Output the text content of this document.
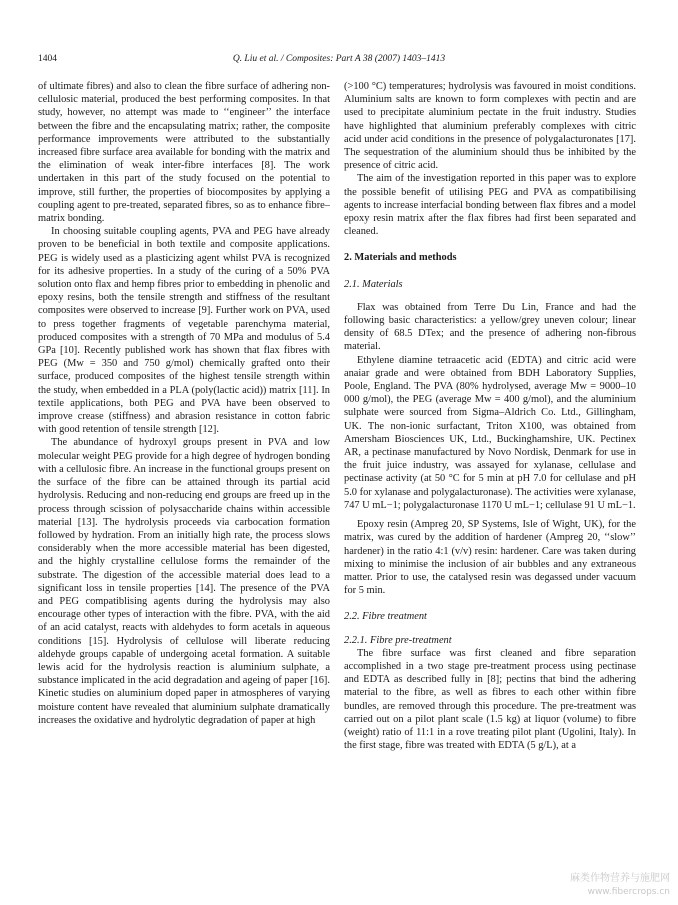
1404	Q. Liu et al. / Composites: Part A 38 (2007) 1403–1413

of ultimate fibres) and also to clean the fibre surface of adhering non-cellulosic material, produced the best performing composites. In that study, however, no attempt was made to ‘‘engineer’’ the interface between the fibre and the encapsulating matrix; rather, the composite performance improvements were attributed to the substantially increased fibre surface area available for bonding with the matrix and the elimination of weak inter-fibre interfaces [8]. The work undertaken in this part of the study focused on the potential to improve, still further, the properties of biocomposites by applying a coupling agent to pre-treated, separated fibres, so as to enhance fibre–matrix bonding.

In choosing suitable coupling agents, PVA and PEG have already proven to be beneficial in both textile and composite applications. PEG is widely used as a plasticizing agent whilst PVA is recognized for its adhesive properties. In a study of the curing of a 50% PVA solution onto flax and hemp fibres prior to embedding in phenolic and epoxy resins, both the tensile strength and stiffness of the resultant composites were observed to increase [9]. Further work on PVA, used to press together fragments of vegetable parenchyma material, produced composites with a strength of 70 MPa and modulus of 5.4 GPa [10]. Recently published work has shown that flax fibres with PEG (Mw = 350 and 750 g/mol) chemically grafted onto their surface, produced composites of the highest tensile strength within the study, when embedded in a PLA (poly(lactic acid)) matrix [11]. In textile applications, both PEG and PVA have been observed to improve crease (stiffness) and abrasion resistance in cotton fabric with good retention of tensile strength [12].

The abundance of hydroxyl groups present in PVA and low molecular weight PEG provide for a high degree of hydrogen bonding with a cellulosic fibre. An increase in the functional groups present on the surface of the fibre can be attained through its partial acid hydrolysis. Reducing and non-reducing end groups are freed up in the process through scission of polysaccharide chains within accessible material [13]. The hydrolysis proceeds via carbocation formation followed by hydration. From an initially high rate, the process slows considerably when the more accessible material has been digested, and the highly crystalline cellulose forms the remainder of the substrate. The digestion of the accessible material does lead to a significant loss in tensile properties [14]. The presence of the PVA and PEG compatiblising agents during the hydrolysis may also encourage other types of interaction with the fibre. PVA, with the aid of an acid catalyst, reacts with aldehydes to form acetals in aqueous conditions [15]. Hydrolysis of cellulose will liberate reducing aldehyde groups capable of undergoing acetal formation. A suitable lewis acid for the hydrolysis reaction is aluminium sulphate, a substance implicated in the acid degradation and ageing of paper [16]. Kinetic studies on aluminium doped paper in atmospheres of varying moisture content have revealed that aluminium sulphate dramatically increases the oxidative and hydrolytic degradation of paper at high

(>100 °C) temperatures; hydrolysis was favoured in moist conditions. Aluminium salts are known to form complexes with pectin and are used to precipitate aluminium pectate in the fruit industry. Studies have highlighted that aluminium preferably complexes with citric acid under acid conditions in the presence of polygalacturonates [17]. The sequestration of the aluminium should thus be inhibited by the presence of citric acid.

The aim of the investigation reported in this paper was to explore the possible benefit of utilising PEG and PVA as compatibilising agents to increase interfacial bonding between flax fibres and a model epoxy resin matrix after the flax fibres had first been separated and cleaned.

2. Materials and methods
2.1. Materials

Flax was obtained from Terre Du Lin, France and had the following basic characteristics: a yellow/grey uneven colour; linear density of 68.5 DTex; and the presence of adhering non-fibrous material.

Ethylene diamine tetraacetic acid (EDTA) and citric acid were anaiar grade and were obtained from BDH Laboratory Supplies, Poole, England. The PVA (80% hydrolysed, average Mw = 9000–10 000 g/mol), the PEG (average Mw = 400 g/mol), and the aluminium sulphate were sourced from Sigma–Aldrich Co. Ltd., Gillingham, UK. The non-ionic surfactant, Triton X100, was obtained from Amersham Biosciences UK, Ltd., Buckinghamshire, UK. Pectinex AR, a pectinase manufactured by Novo Nordisk, Denmark for use in the fruit juice industry, was assayed for xylanase, cellulase and pectinase activity (at 50 °C for 5 min at pH 7.0 for cellulase and pH 5.0 for xylanase and polygalacturonase). The activities were xylanase, 747 U mL−1; polygalacturonase 1170 U mL−1; cellulase 91 U mL−1.

Epoxy resin (Ampreg 20, SP Systems, Isle of Wight, UK), for the matrix, was cured by the addition of hardener (Ampreg 20, ‘‘slow’’ hardener) in the ratio 4:1 (v/v) resin: hardener. Care was taken during mixing to minimise the inclusion of air bubbles and any extraneous matter. Prior to use, the catalysed resin was degassed under vacuum for 5 min.

2.2. Fibre treatment
2.2.1. Fibre pre-treatment

The fibre surface was first cleaned and fibre separation accomplished in a two stage pre-treatment process using pectinase and EDTA as described fully in [8]; pectins that bind the adhering material to the fibre, as well as fibres to each other within fibre bundles, are removed through this procedure. The pre-treatment was carried out on a pilot plant scale (1.5 kg) at liquor (volume) to fibre (weight) ratio of 11:1 in a rove treating pilot plant (Ugolini, Italy). In the first stage, fibre was treated with EDTA (5 g/L), at a

麻类作物营养与施肥网
www.fibercrops.cn
